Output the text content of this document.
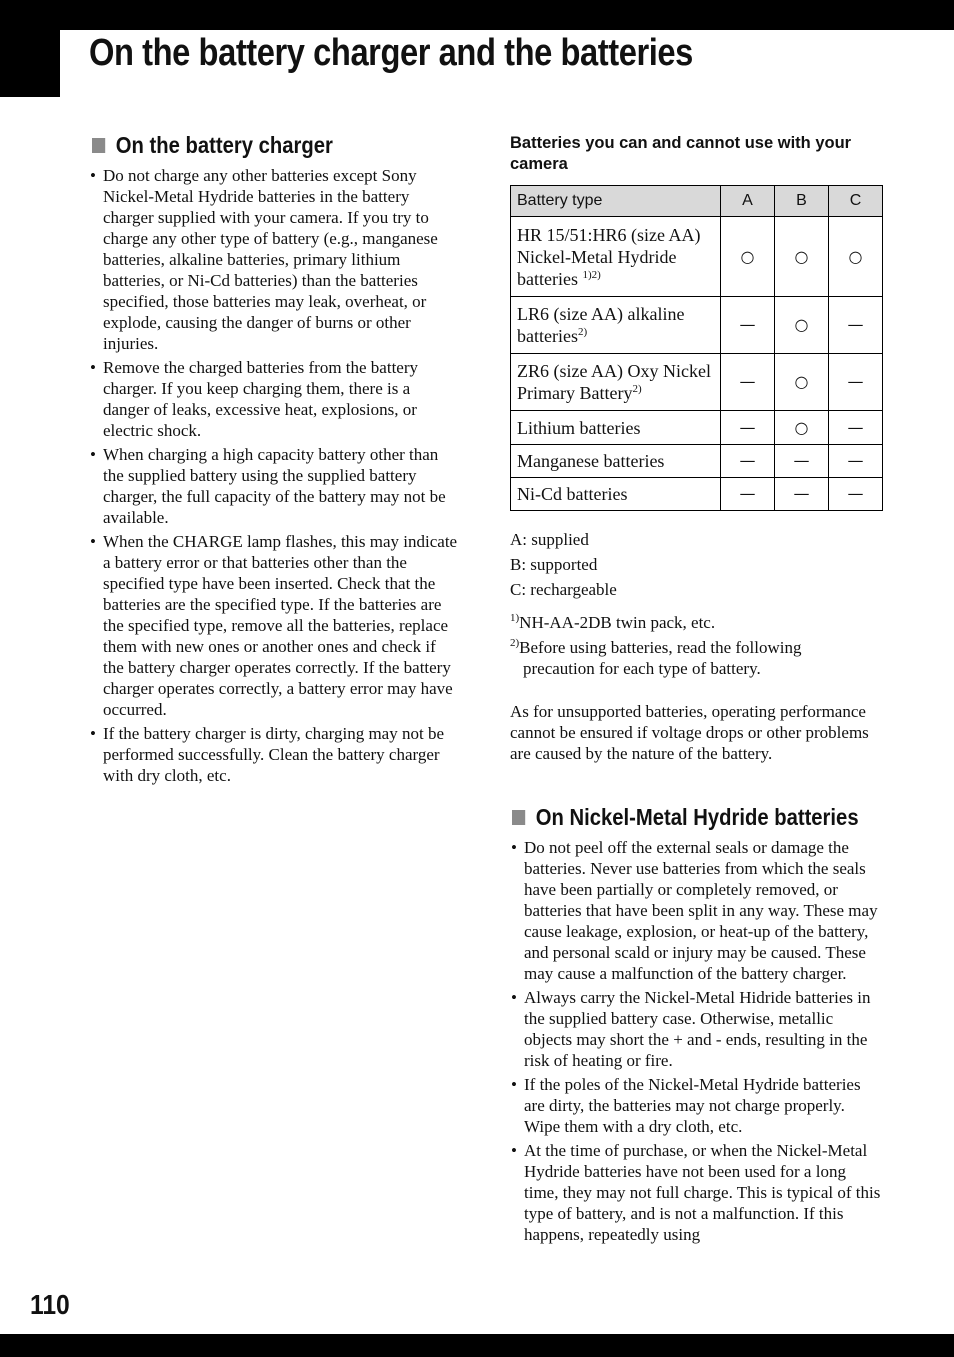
On the battery charger and the batteries
On the battery charger
• Do not charge any other batteries except Sony Nickel-Metal Hydride batteries in the battery charger supplied with your camera. If you try to charge any other type of battery (e.g., manganese batteries, alkaline batteries, primary lithium batteries, or Ni-Cd batteries) than the batteries specified, those batteries may leak, overheat, or explode, causing the danger of burns or other injuries.
• Remove the charged batteries from the battery charger. If you keep charging them, there is a danger of leaks, excessive heat, explosions, or electric shock.
• When charging a high capacity battery other than the supplied battery using the supplied battery charger, the full capacity of the battery may not be available.
• When the CHARGE lamp flashes, this may indicate a battery error or that batteries other than the specified type have been inserted. Check that the batteries are the specified type. If the batteries are the specified type, remove all the batteries, replace them with new ones or another ones and check if the battery charger operates correctly. If the battery charger operates correctly, a battery error may have occurred.
• If the battery charger is dirty, charging may not be performed successfully. Clean the battery charger with dry cloth, etc.
Batteries you can and cannot use with your camera
Battery type	A	B	C
HR 15/51:HR6 (size AA) Nickel-Metal Hydride batteries $^{1)2)}$	○	○	○
LR6 (size AA) alkaline batteries$^{2)}$	—	○	—
ZR6 (size AA) Oxy Nickel Primary Battery$^{2)}$	—	○	—
Lithium batteries	—	○	—
Manganese batteries	—	—	—
Ni-Cd batteries	—	—	—
A: supplied
B: supported
C: rechargeable
$^{1)}$NH-AA-2DB twin pack, etc.
$^{2)}$Before using batteries, read the following precaution for each type of battery.
As for unsupported batteries, operating performance cannot be ensured if voltage drops or other problems are caused by the nature of the battery.
On Nickel-Metal Hydride batteries
• Do not peel off the external seals or damage the batteries. Never use batteries from which the seals have been partially or completely removed, or batteries that have been split in any way. These may cause leakage, explosion, or heat-up of the battery, and personal scald or injury may be caused. These may cause a malfunction of the battery charger.
• Always carry the Nickel-Metal Hidride batteries in the supplied battery case. Otherwise, metallic objects may short the + and - ends, resulting in the risk of heating or fire.
• If the poles of the Nickel-Metal Hydride batteries are dirty, the batteries may not charge properly. Wipe them with a dry cloth, etc.
• At the time of purchase, or when the Nickel-Metal Hydride batteries have not been used for a long time, they may not full charge. This is typical of this type of battery, and is not a malfunction. If this happens, repeatedly using
110
